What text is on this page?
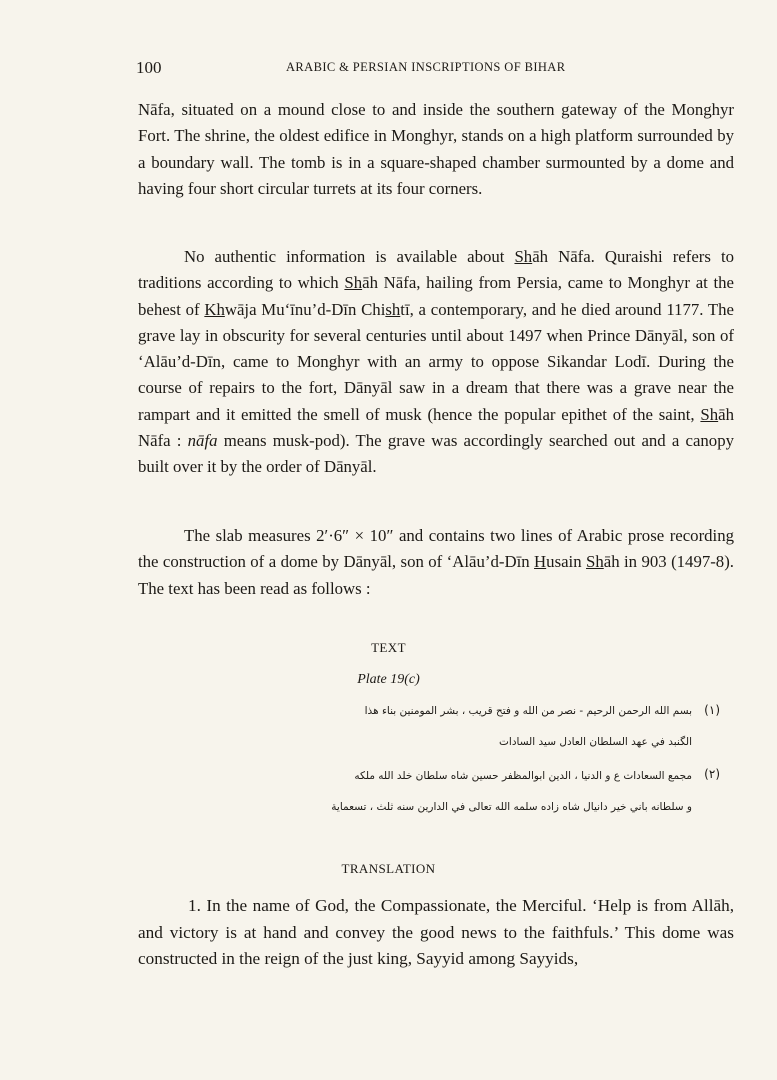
100	ARABIC & PERSIAN INSCRIPTIONS OF BIHAR

Nāfa, situated on a mound close to and inside the southern gateway of the Monghyr Fort. The shrine, the oldest edifice in Monghyr, stands on a high platform surrounded by a boundary wall. The tomb is in a square-shaped chamber surmounted by a dome and having four short circular turrets at its four corners.

No authentic information is available about Shāh Nāfa. Quraishi refers to traditions according to which Shāh Nāfa, hailing from Persia, came to Monghyr at the behest of Khwāja Mu‘īnu’d-Dīn Chishtī, a contemporary, and he died around 1177. The grave lay in obscurity for several centuries until about 1497 when Prince Dānyāl, son of ‘Alāu’d-Dīn, came to Monghyr with an army to oppose Sikandar Lodī. During the course of repairs to the fort, Dānyāl saw in a dream that there was a grave near the rampart and it emitted the smell of musk (hence the popular epithet of the saint, Shāh Nāfa : nāfa means musk-pod). The grave was accordingly searched out and a canopy built over it by the order of Dānyāl.

The slab measures 2′·6″ × 10″ and contains two lines of Arabic prose recording the construction of a dome by Dānyāl, son of ‘Alāu’d-Dīn Husain Shāh in 903 (1497-8). The text has been read as follows :

TEXT
Plate 19(c)
(١)
بسم الله الرحمن الرحيم - نصر من الله و فتح قريب ، بشر المومنين بناء هذا
الگنبد في عهد السلطان العادل سيد السادات
(٢)
مجمع السعادات ع و الدنيا ، الدين ابوالمظفر حسين شاه سلطان خلد الله ملكه
و سلطانه باني خير دانيال شاه زاده سلمه الله تعالى في الدارين سنه ثلث ، تسعماية
TRANSLATION

1. In the name of God, the Compassionate, the Merciful. ‘Help is from Allāh, and victory is at hand and convey the good news to the faithfuls.’ This dome was constructed in the reign of the just king, Sayyid among Sayyids,
